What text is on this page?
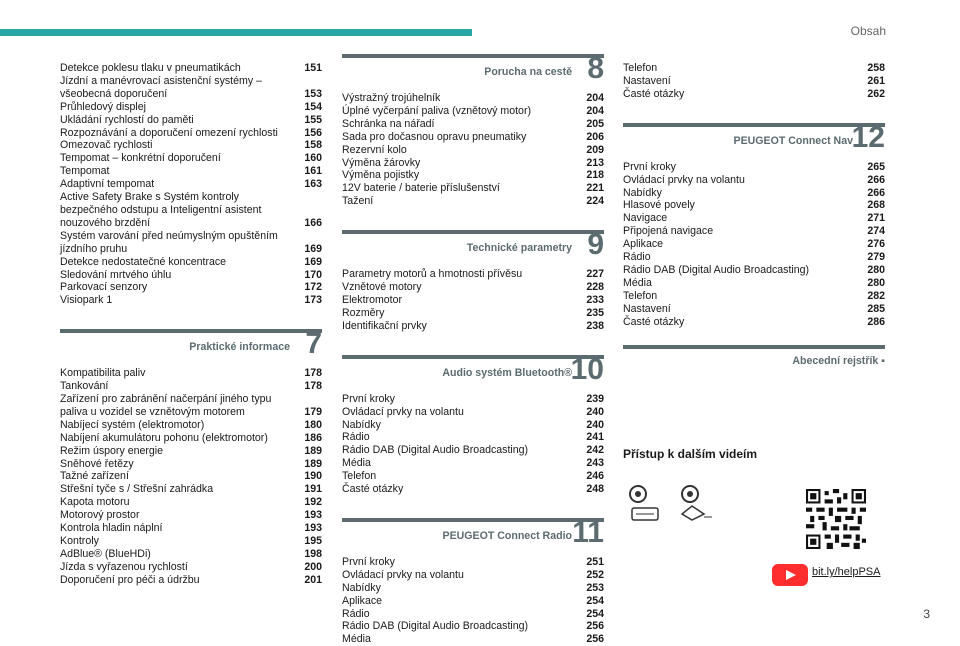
Obsah
Detekce poklesu tlaku v pneumatikách	151
Jízdní a manévrovací asistenční systémy – všeobecná doporučení	153
Průhledový displej	154
Ukládání rychlostí do paměti	155
Rozpoznávání a doporučení omezení rychlosti	156
Omezovač rychlosti	158
Tempomat – konkrétní doporučení	160
Tempomat	161
Adaptivní tempomat	163
Active Safety Brake s Systém kontroly bezpečného odstupu a Inteligentní asistent nouzového brzdění	166
Systém varování před neúmyslným opuštěním jízdního pruhu	169
Detekce nedostatečné koncentrace	169
Sledování mrtvého úhlu	170
Parkovací senzory	172
Visiopark 1	173
Praktické informace 7
Kompatibilita paliv	178
Tankování	178
Zařízení pro zabránění načerpání jiného typu paliva u vozidel se vznětovým motorem	179
Nabíjecí systém (elektromotor)	180
Nabíjení akumulátoru pohonu (elektromotor)	186
Režim úspory energie	189
Sněhové řetězy	189
Tažné zařízení	190
Střešní tyče s / Střešní zahrádka	191
Kapota motoru	192
Motorový prostor	193
Kontrola hladin náplní	193
Kontroly	195
AdBlue® (BlueHDi)	198
Jízda s vyřazenou rychlostí	200
Doporučení pro péči a údržbu	201
Porucha na cestě 8
Výstražný trojúhelník	204
Úplné vyčerpání paliva (vznětový motor)	204
Schránka na nářadí	205
Sada pro dočasnou opravu pneumatiky	206
Rezervní kolo	209
Výměna žárovky	213
Výměna pojistky	218
12V baterie / baterie příslušenství	221
Tažení	224
Technické parametry 9
Parametry motorů a hmotnosti přívěsu	227
Vznětové motory	228
Elektromotor	233
Rozměry	235
Identifikační prvky	238
Audio systém Bluetooth®
10
První kroky	239
Ovládací prvky na volantu	240
Nabídky	240
Rádio	241
Rádio DAB (Digital Audio Broadcasting)	242
Média	243
Telefon	246
Časté otázky	248
PEUGEOT Connect Radio 11
První kroky	251
Ovládací prvky na volantu	252
Nabídky	253
Aplikace	254
Rádio	254
Rádio DAB (Digital Audio Broadcasting)	256
Média	256
Telefon	258
Nastavení	261
Časté otázky	262
PEUGEOT Connect Nav
12
První kroky	265
Ovládací prvky na volantu	266
Nabídky	266
Hlasové povely	268
Navigace	271
Připojená navigace	274
Aplikace	276
Rádio	279
Rádio DAB (Digital Audio Broadcasting)	280
Média	280
Telefon	282
Nastavení	285
Časté otázky	286
Abecední rejstřík ▪
Přístup k dalším videím
bit.ly/helpPSA
3
